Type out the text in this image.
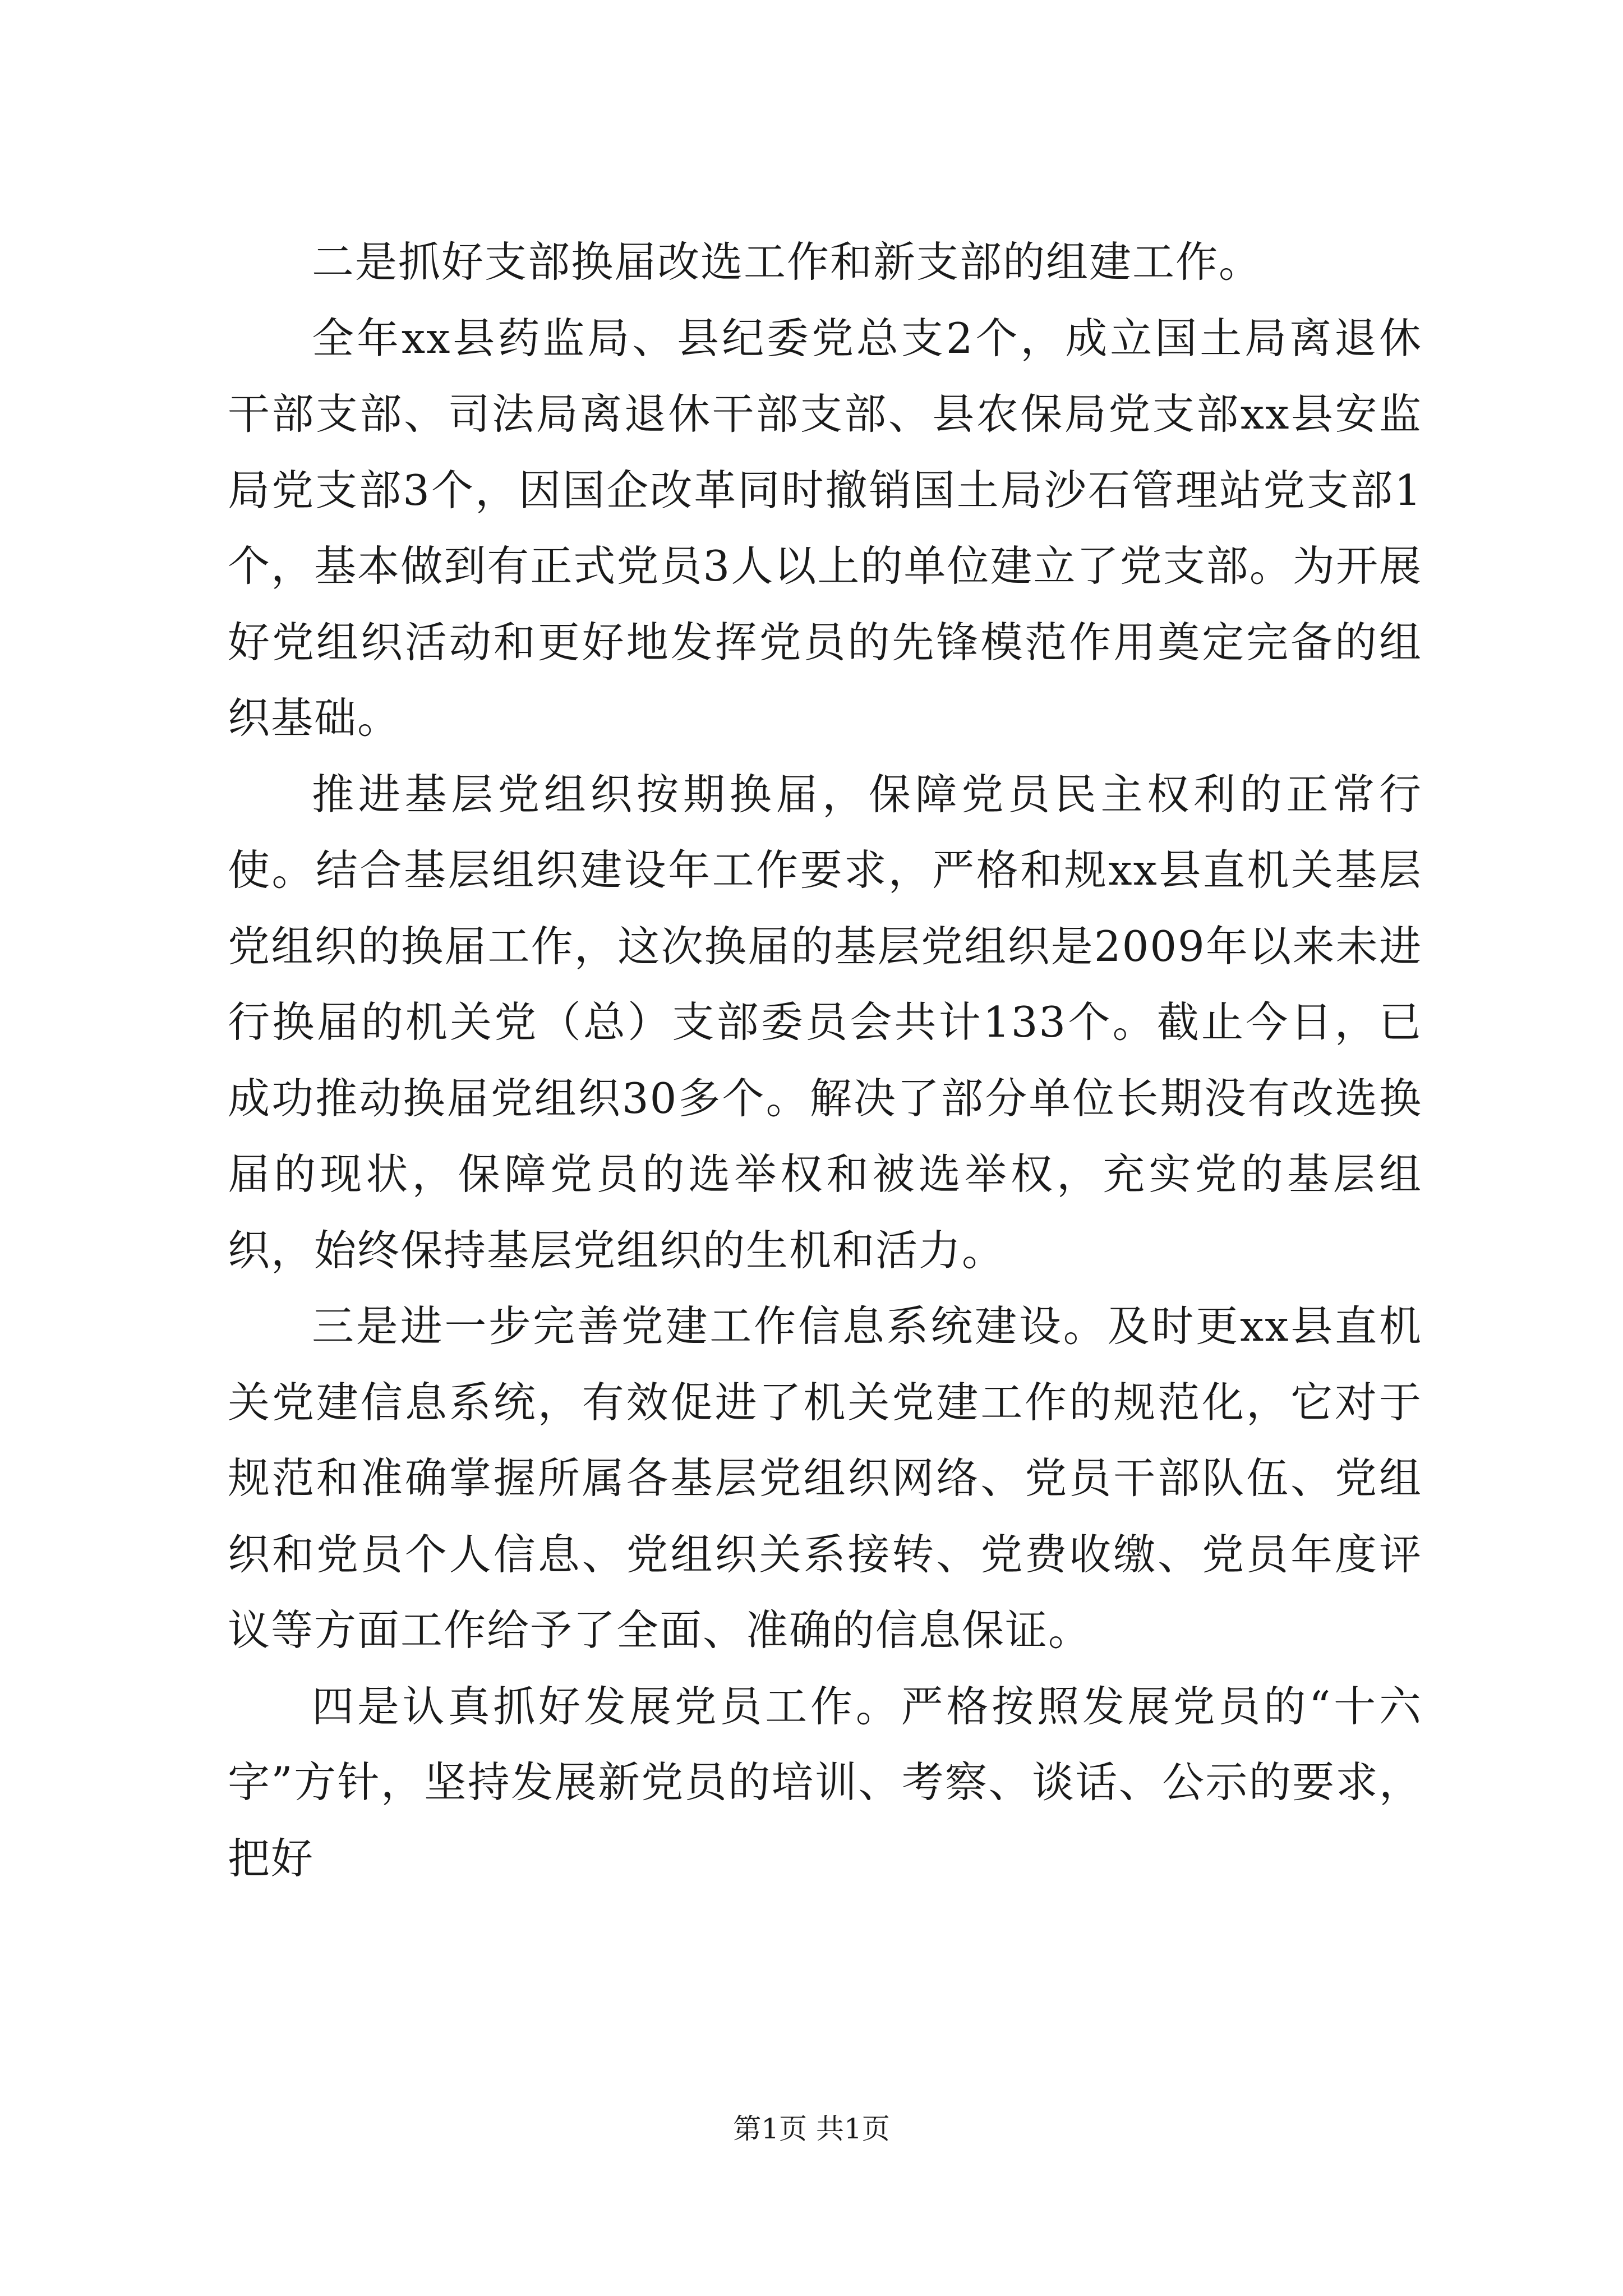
二是抓好支部换届改选工作和新支部的组建工作。

全年xx县药监局、县纪委党总支2个，成立国土局离退休干部支部、司法局离退休干部支部、县农保局党支部xx县安监局党支部3个，因国企改革同时撤销国土局沙石管理站党支部1个，基本做到有正式党员3人以上的单位建立了党支部。为开展好党组织活动和更好地发挥党员的先锋模范作用奠定完备的组织基础。

推进基层党组织按期换届，保障党员民主权利的正常行使。结合基层组织建设年工作要求，严格和规xx县直机关基层党组织的换届工作，这次换届的基层党组织是2009年以来未进行换届的机关党（总）支部委员会共计133个。截止今日，已成功推动换届党组织30多个。解决了部分单位长期没有改选换届的现状，保障党员的选举权和被选举权，充实党的基层组织，始终保持基层党组织的生机和活力。

三是进一步完善党建工作信息系统建设。及时更xx县直机关党建信息系统，有效促进了机关党建工作的规范化，它对于规范和准确掌握所属各基层党组织网络、党员干部队伍、党组织和党员个人信息、党组织关系接转、党费收缴、党员年度评议等方面工作给予了全面、准确的信息保证。

四是认真抓好发展党员工作。严格按照发展党员的“十六字”方针，坚持发展新党员的培训、考察、谈话、公示的要求，把好

第1页 共1页
